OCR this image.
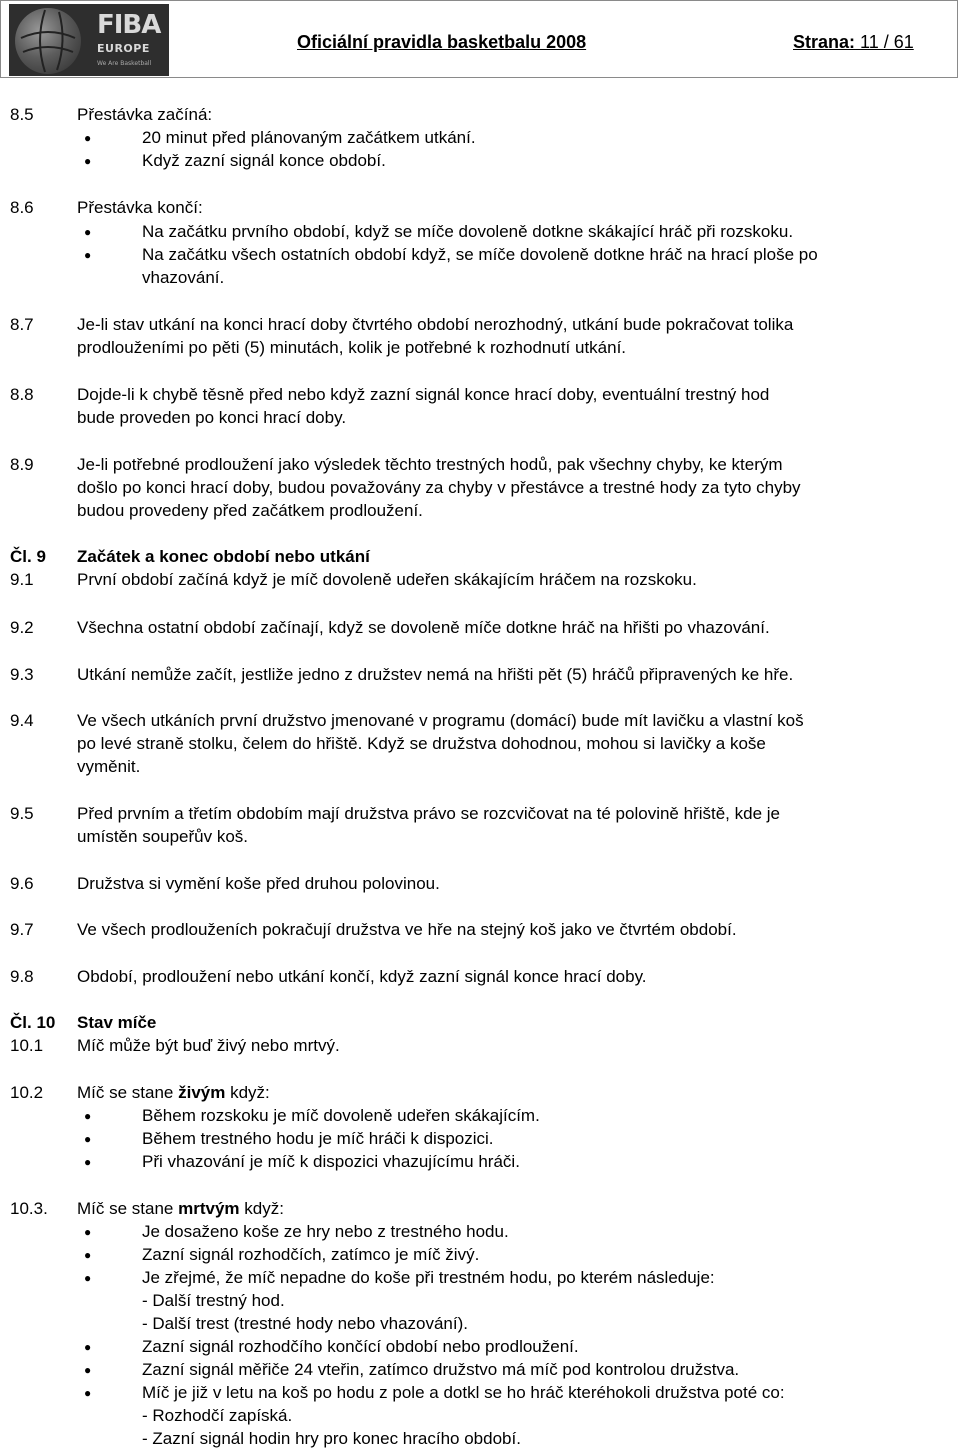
FIBA
EUROPE
We Are Basketball
Oficiální pravidla basketbalu 2008	Strana: 11 / 61
8.5	Přestávka začíná:
●	20 minut před plánovaným začátkem utkání.
●	Když zazní signál konce období.
8.6	Přestávka končí:
●	Na začátku prvního období, když se míče dovoleně dotkne skákající hráč při rozskoku.
●	Na začátku všech ostatních období když, se míče dovoleně dotkne hráč na hrací ploše po
vhazování.
8.7	Je-li stav utkání na konci hrací doby čtvrtého období nerozhodný, utkání bude pokračovat tolika
prodlouženími po pěti (5) minutách, kolik je potřebné k rozhodnutí utkání.
8.8	Dojde-li k chybě těsně před nebo když zazní signál konce hrací doby, eventuální trestný hod
bude proveden po konci hrací doby.
8.9	Je-li potřebné prodloužení jako výsledek těchto trestných hodů, pak všechny chyby, ke kterým
došlo po konci hrací doby, budou považovány za chyby v přestávce a trestné hody za tyto chyby
budou provedeny před začátkem prodloužení.
Čl. 9 Začátek a konec období nebo utkání
9.1	První období začíná když je míč dovoleně udeřen skákajícím hráčem na rozskoku.
9.2	Všechna ostatní období začínají, když se dovoleně míče dotkne hráč na hřišti po vhazování.
9.3	Utkání nemůže začít, jestliže jedno z družstev nemá na hřišti pět (5) hráčů připravených ke hře.
9.4	Ve všech utkáních první družstvo jmenované v programu (domácí) bude mít lavičku a vlastní koš
po levé straně stolku, čelem do hřiště. Když se družstva dohodnou, mohou si lavičky a koše
vyměnit.
9.5	Před prvním a třetím obdobím mají družstva právo se rozcvičovat na té polovině hřiště, kde je
umístěn soupeřův koš.
9.6	Družstva si vymění koše před druhou polovinou.
9.7	Ve všech prodlouženích pokračují družstva ve hře na stejný koš jako ve čtvrtém období.
9.8	Období, prodloužení nebo utkání končí, když zazní signál konce hrací doby.
Čl. 10 Stav míče
10.1 Míč může být buď živý nebo mrtvý.
10.2 Míč se stane živým když:
●	Během rozskoku je míč dovoleně udeřen skákajícím.
●	Během trestného hodu je míč hráči k dispozici.
●	Při vhazování je míč k dispozici vhazujícímu hráči.
10.3. Míč se stane mrtvým když:
●	Je dosaženo koše ze hry nebo z trestného hodu.
●	Zazní signál rozhodčích, zatímco je míč živý.
●	Je zřejmé, že míč nepadne do koše při trestném hodu, po kterém následuje:
- Další trestný hod.
- Další trest (trestné hody nebo vhazování).
●	Zazní signál rozhodčího končící období nebo prodloužení.
●	Zazní signál měřiče 24 vteřin, zatímco družstvo má míč pod kontrolou družstva.
●	Míč je již v letu na koš po hodu z pole a dotkl se ho hráč kteréhokoli družstva poté co:
- Rozhodčí zapíská.
- Zazní signál hodin hry pro konec hracího období.
